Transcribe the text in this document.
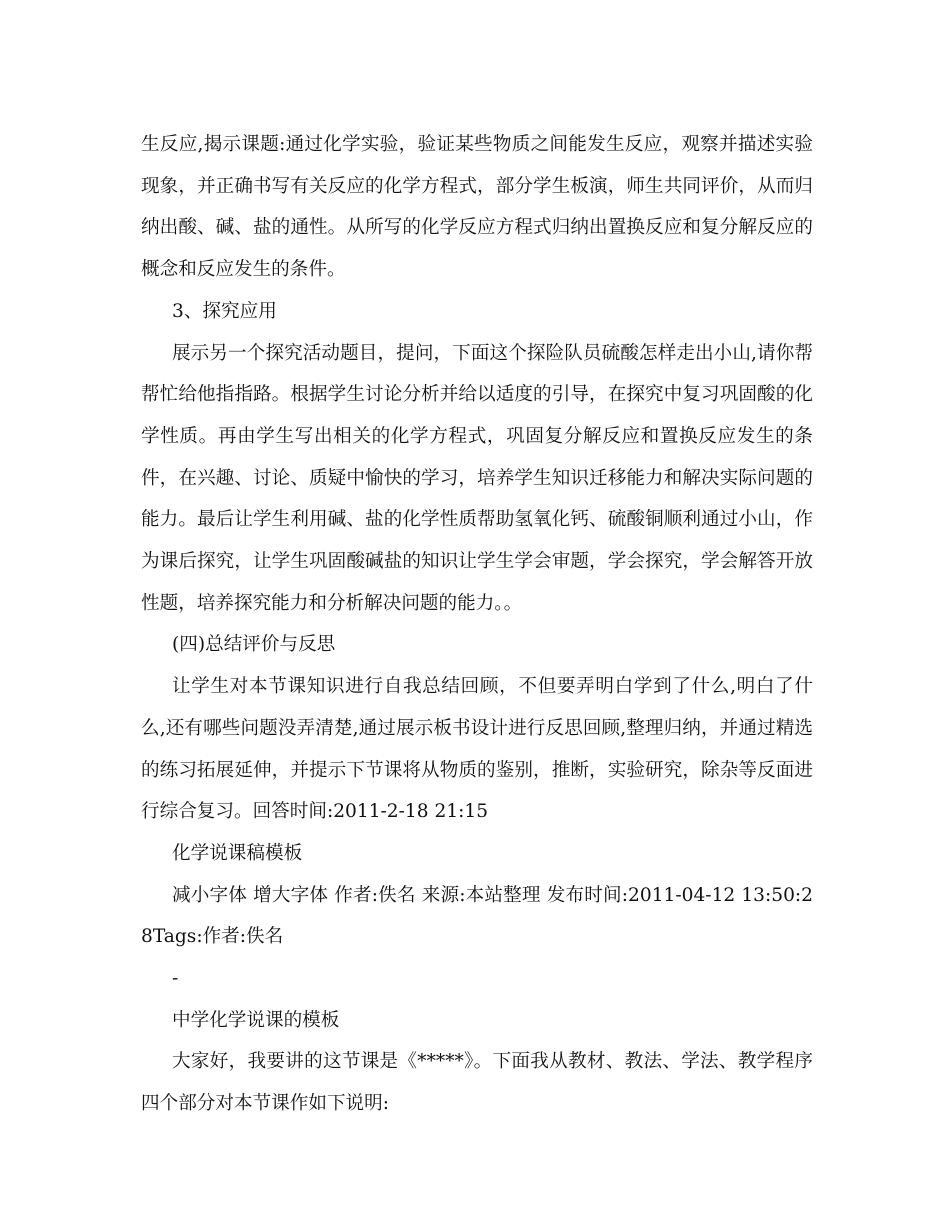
生反应,揭示课题:通过化学实验，验证某些物质之间能发生反应，观察并描述实验现象，并正确书写有关反应的化学方程式，部分学生板演，师生共同评价，从而归纳出酸、碱、盐的通性。从所写的化学反应方程式归纳出置换反应和复分解反应的概念和反应发生的条件。

3、探究应用

展示另一个探究活动题目，提问，下面这个探险队员硫酸怎样走出小山,请你帮帮忙给他指指路。根据学生讨论分析并给以适度的引导，在探究中复习巩固酸的化学性质。再由学生写出相关的化学方程式，巩固复分解反应和置换反应发生的条件，在兴趣、讨论、质疑中愉快的学习，培养学生知识迁移能力和解决实际问题的能力。最后让学生利用碱、盐的化学性质帮助氢氧化钙、硫酸铜顺利通过小山，作为课后探究，让学生巩固酸碱盐的知识让学生学会审题，学会探究，学会解答开放性题，培养探究能力和分析解决问题的能力。。

(四)总结评价与反思

让学生对本节课知识进行自我总结回顾，不但要弄明白学到了什么,明白了什么,还有哪些问题没弄清楚,通过展示板书设计进行反思回顾,整理归纳，并通过精选的练习拓展延伸，并提示下节课将从物质的鉴别，推断，实验研究，除杂等反面进行综合复习。回答时间:2011-2-18 21:15

化学说课稿模板

减小字体 增大字体 作者:佚名 来源:本站整理 发布时间:2011-04-12 13:50:28Tags:作者:佚名

-

中学化学说课的模板

大家好，我要讲的这节课是《*****》。下面我从教材、教法、学法、教学程序四个部分对本节课作如下说明:
